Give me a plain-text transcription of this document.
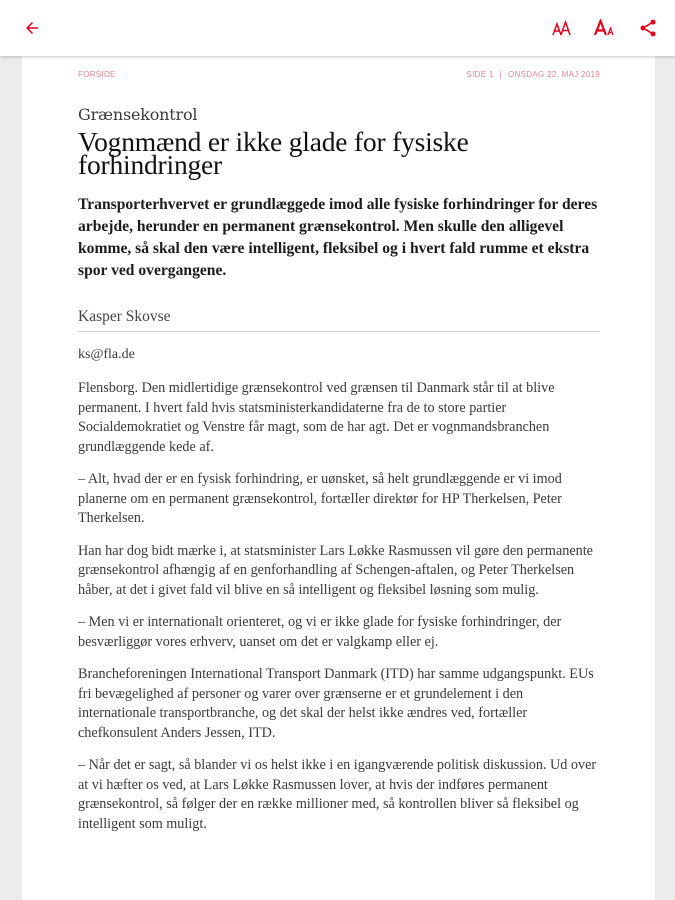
FORSIDE	SIDE 1 | ONSDAG 22. MAJ 2019
Grænsekontrol
Vognmænd er ikke glade for fysiske forhindringer

Transporterhvervet er grundlæggede imod alle fysiske forhindringer for deres arbejde, herunder en permanent grænsekontrol. Men skulle den alligevel komme, så skal den være intelligent, fleksibel og i hvert fald rumme et ekstra spor ved overgangene.

Kasper Skovse
ks@fla.de

Flensborg. Den midlertidige grænsekontrol ved grænsen til Danmark står til at blive permanent. I hvert fald hvis statsministerkandidaterne fra de to store partier Socialdemokratiet og Venstre får magt, som de har agt. Det er vognmandsbranchen grundlæggende kede af.

– Alt, hvad der er en fysisk forhindring, er uønsket, så helt grundlæggende er vi imod planerne om en permanent grænsekontrol, fortæller direktør for HP Therkelsen, Peter Therkelsen.

Han har dog bidt mærke i, at statsminister Lars Løkke Rasmussen vil gøre den permanente grænsekontrol afhængig af en genforhandling af Schengen-aftalen, og Peter Therkelsen håber, at det i givet fald vil blive en så intelligent og fleksibel løsning som mulig.

– Men vi er internationalt orienteret, og vi er ikke glade for fysiske forhindringer, der besværliggør vores erhverv, uanset om det er valgkamp eller ej.

Brancheforeningen International Transport Danmark (ITD) har samme udgangspunkt. EUs fri bevægelighed af personer og varer over grænserne er et grundelement i den internationale transportbranche, og det skal der helst ikke ændres ved, fortæller chefkonsulent Anders Jessen, ITD.

– Når det er sagt, så blander vi os helst ikke i en igangværende politisk diskussion. Ud over at vi hæfter os ved, at Lars Løkke Rasmussen lover, at hvis der indføres permanent grænsekontrol, så følger der en række millioner med, så kontrollen bliver så fleksibel og intelligent som muligt.
